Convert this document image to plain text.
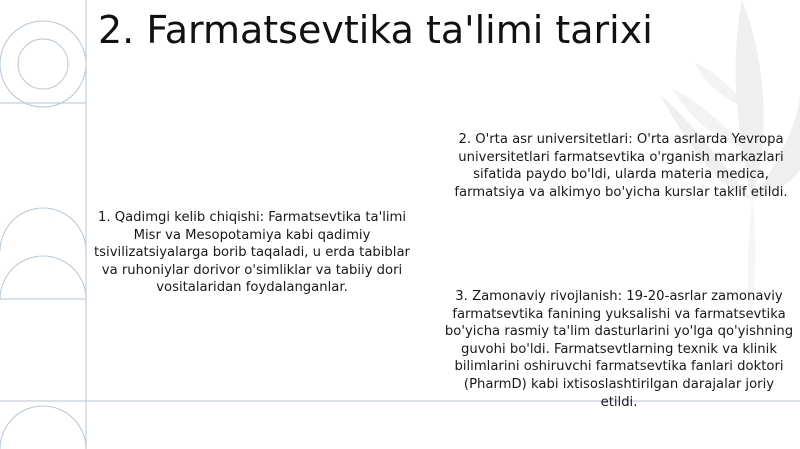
2. Farmatsevtika ta'limi tarixi

1. Qadimgi kelib chiqishi: Farmatsevtika ta'limi Misr va Mesopotamiya kabi qadimiy tsivilizatsiyalarga borib taqaladi, u erda tabiblar va ruhoniylar dorivor o'simliklar va tabiiy dori vositalaridan foydalanganlar.

2. O'rta asr universitetlari: O'rta asrlarda Yevropa universitetlari farmatsevtika o'rganish markazlari sifatida paydo bo'ldi, ularda materia medica, farmatsiya va alkimyo bo'yicha kurslar taklif etildi.

3. Zamonaviy rivojlanish: 19-20-asrlar zamonaviy farmatsevtika fanining yuksalishi va farmatsevtika bo'yicha rasmiy ta'lim dasturlarini yo'lga qo'yishning guvohi bo'ldi. Farmatsevtlarning texnik va klinik bilimlarini oshiruvchi farmatsevtika fanlari doktori (PharmD) kabi ixtisoslashtirilgan darajalar joriy etildi.
